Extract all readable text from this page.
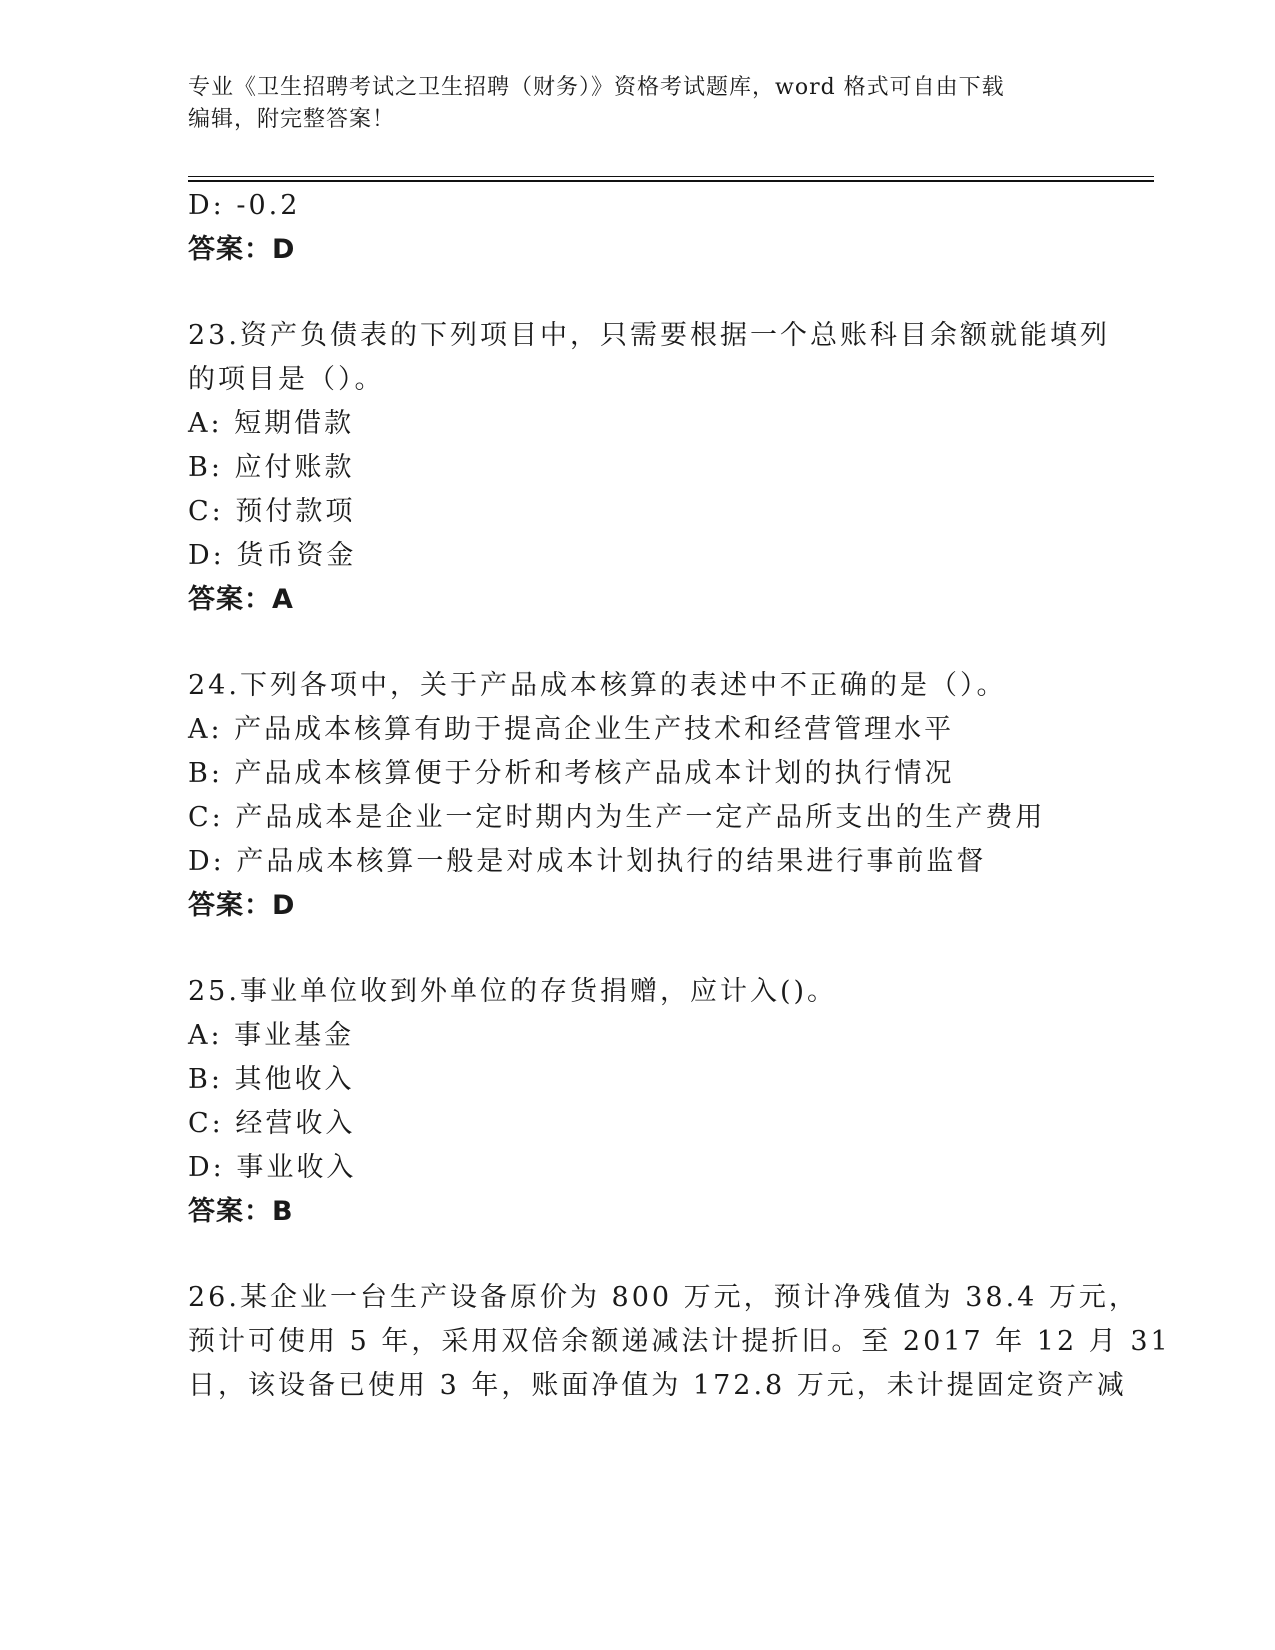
专业《卫生招聘考试之卫生招聘（财务）》资格考试题库，word 格式可自由下载
编辑，附完整答案！
D: -0.2
答案：D
23.资产负债表的下列项目中，只需要根据一个总账科目余额就能填列
的项目是（）。
A: 短期借款
B: 应付账款
C: 预付款项
D: 货币资金
答案：A
24.下列各项中，关于产品成本核算的表述中不正确的是（）。
A: 产品成本核算有助于提高企业生产技术和经营管理水平
B: 产品成本核算便于分析和考核产品成本计划的执行情况
C: 产品成本是企业一定时期内为生产一定产品所支出的生产费用
D: 产品成本核算一般是对成本计划执行的结果进行事前监督
答案：D
25.事业单位收到外单位的存货捐赠，应计入()。
A: 事业基金
B: 其他收入
C: 经营收入
D: 事业收入
答案：B
26.某企业一台生产设备原价为 800 万元，预计净残值为 38.4 万元，
预计可使用 5 年，采用双倍余额递减法计提折旧。至 2017 年 12 月 31
日，该设备已使用 3 年，账面净值为 172.8 万元，未计提固定资产减
